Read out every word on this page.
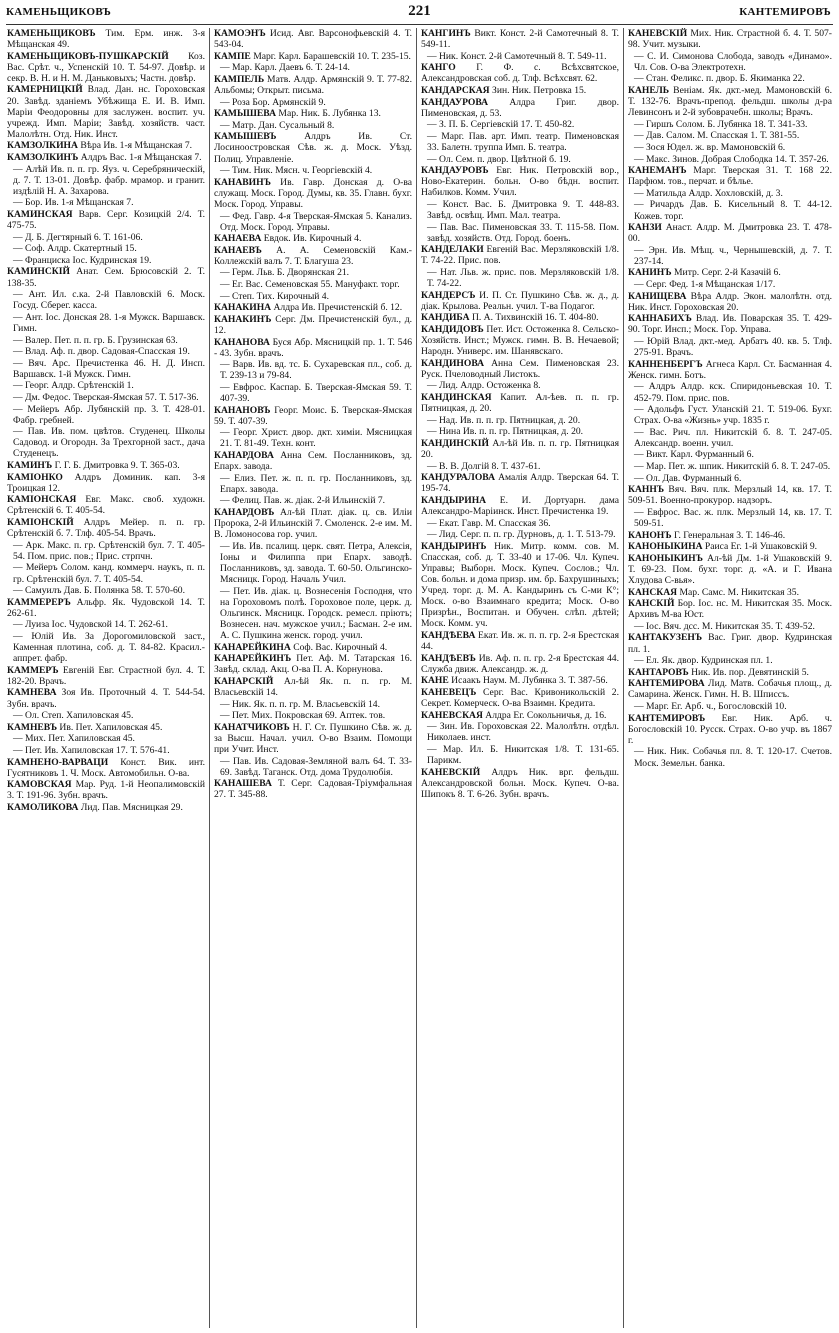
КАМЕНЬЩИКОВЪ	221	КАНТЕМИРОВЪ
КАМЕНЬЩИКОВЪ Тим. Ерм. инж. 3-я Мѣщанская 49.
КАМЕНЬЩИКОВЪ-ПУШКАРСКІЙ Коз. Вас. Срѣт. ч., Успенскій 10. Т. 54-97. Довѣр. и секр. В. Н. и Н. М. Даньковыхъ; Частн. довѣр.
КАМЕРНИЦКІЙ Влад. Дан. нс. Гороховская 20. Завѣд. зданіемъ Убѣжища Е. И. В. Имп. Маріи Феодоровны для заслужен. воспит. уч. учрежд. Имп. Маріи; Завѣд. хозяйств. част. Малолѣтн. Отд. Ник. Инст.
КАМЗОЛКИНА Вѣра Ив. 1-я Мѣщанская 7.
КАМЗОЛКИНЪ Алдръ Вас. 1-я Мѣщанская 7.
— Алѣй Ив. п. п. гр. Яуз. ч. Серебряническій, д. 7. Т. 13-01. Довѣр. фабр. мрамор. и гранит. издѣлій Н. А. Захарова.
— Бор. Ив. 1-я Мѣщанская 7.
КАМИНСКАЯ Варв. Серг. Козицкій 2/4. Т. 475-75.
— Д. Б. Дегтярный 6. Т. 161-06.
— Соф. Алдр. Скатертный 15.
— Франциска Іос. Кудринская 19.
КАМИНСКІЙ Анат. Сем. Брюсовскій 2. Т. 138-35.
— Ант. Ил. с.ка. 2-й Павловскій 6. Моск. Госуд. Сберег. касса.
— Ант. Іос. Донская 28. 1-я Мужск. Варшавск. Гимн.
— Валер. Пет. п. п. гр. Б. Грузинская 63.
— Влад. Аф. п. двор. Садовая-Спасская 19.
— Вяч. Арс. Пречистенка 46. Н. Д. Инсп. Варшавск. 1-й Мужск. Гимн.
— Георг. Алдр. Срѣтенскій 1.
— Дм. Федос. Тверская-Ямская 57. Т. 517-36.
— Мейеръ Абр. Лубянскій пр. 3. Т. 428-01. Фабр. гребней.
— Пав. Ив. пом. цвѣтов. Студенец. Школы Садовод. и Огородн. За Трехгорной заст., дача Студенецъ.
КАМИНЪ Г. Г. Б. Дмитровка 9. Т. 365-03.
КАМІОНКО Алдръ Доминик. кап. 3-я Троицкая 12.
КАМІОНСКАЯ Евг. Макс. своб. художн. Срѣтенскій 6. Т. 405-54.
КАМІОНСКІЙ Алдръ Мейер. п. п. гр. Срѣтенскій б. 7. Тлф. 405-54. Врачъ.
— Арк. Макс. п. гр. Срѣтенскій бул. 7. Т. 405-54. Пом. прис. пов.; Прис. стрпчн.
— Мейеръ Солом. канд. коммерч. наукъ, п. п. гр. Срѣтенскій бул. 7. Т. 405-54.
— Самуилъ Дав. Б. Полянка 58. Т. 570-60.
КАММЕРЕРЪ Альфр. Як. Чудовской 14. Т. 262-61.
— Луиза Іос. Чудовской 14. Т. 262-61.
— Юлій Ив. За Дорогомиловской заст., Каменная плотина, соб. д. Т. 84-82. Красил.-аппрет. фабр.
КАММЕРЪ Евгеній Евг. Страстной бул. 4. Т. 182-20. Врачъ.
КАМНЕВА Зоя Ив. Проточный 4. Т. 544-54. Зубн. врачъ.
— Ол. Степ. Хапиловская 45.
КАМНЕВЪ Ив. Пет. Хапиловская 45.
— Мих. Пет. Хапиловская 45.
— Пет. Ив. Хапиловская 17. Т. 576-41.
КАМНЕНО-ВАРВАЦИ Конст. Вик. инт. Гусятниковъ 1. Ч. Моск. Автомобильн. О-ва.
КАМОВСКАЯ Мар. Руд. 1-й Неопалимовскій 3. Т. 191-96. Зубн. врачъ.
КАМОЛИКОВА Лид. Пав. Мясницкая 29.
КАМОЭНЪ Исид. Авг. Варсонофьевскій 4. Т. 543-04.
КАМПЕ Марг. Карл. Барашевскій 10. Т. 235-15.
— Мар. Карл. Даевъ 6. Т. 24-14.
КАМПЕЛЬ Матв. Алдр. Армянскій 9. Т. 77-82. Альбомы; Открыт. письма.
— Роза Бор. Армянскій 9.
КАМЫШЕВА Мар. Ник. Б. Лубянка 13.
— Матр. Дан. Сусальный 8.
КАМЫШЕВЪ Алдръ Ив. Ст. Лосиноостровская Сѣв. ж. д. Моск. Уѣзд. Полиц. Управленіе.
— Тим. Ник. Мясн. ч. Георгіевскій 4.
КАНАВИНЪ Ив. Гавр. Донская д. О-ва служащ. Моск. Город. Думы, кв. 35. Главн. бухг. Моск. Город. Управы.
— Фед. Гавр. 4-я Тверская-Ямская 5. Канализ. Отд. Моск. Город. Управы.
КАНАЕВА Евдок. Ив. Кирочный 4.
КАНАЕВЪ А. А. Семеновскій Кам.-Коллежскій валъ 7. Т. Благуша 23.
— Герм. Льв. Б. Дворянская 21.
— Ег. Вас. Семеновская 55. Мануфакт. торг.
— Степ. Тих. Кирочный 4.
КАНАКИНА Алдра Ив. Пречистенскій б. 12.
КАНАКИНЪ Серг. Дм. Пречистенскій бул., д. 12.
КАНАНОВА Буся Абр. Мясницкій пр. 1. Т. 546 - 43. Зубн. врачъ.
— Варв. Ив. вд. тс. Б. Сухаревская пл., соб. д. Т. 239-13 и 79-84.
— Евфрос. Каспар. Б. Тверская-Ямская 59. Т. 407-39.
КАНАНОВЪ Георг. Моис. Б. Тверская-Ямская 59. Т. 407-39.
— Георг. Христ. двор. дкт. химіи. Мясницкая 21. Т. 81-49. Техн. конт.
КАНАРДОВА Анна Сем. Посланниковъ, зд. Епарх. завода.
— Елиз. Пет. ж. п. п. гр. Посланниковъ, зд. Епарх. завода.
— Фелиц. Пав. ж. діак. 2-й Ильинскій 7.
КАНАРДОВЪ Ал-ѣй Плат. діак. ц. св. Иліи Пророка, 2-й Ильинскій 7. Смоленск. 2-е им. М. В. Ломоносова гор. учил.
— Ив. Ив. псалищ. церк. свят. Петра, Алексія, Іоны и Филиппа при Епарх. заводѣ. Посланниковъ, зд. завода. Т. 60-50. Ольгинско-Мясницк. Город. Началь Учил.
— Пет. Ив. діак. ц. Вознесенія Господня, что на Гороховомъ полѣ. Гороховое поле, церк. д. Ольгинск. Мясницк. Городск. ремесл. пріютъ; Вознесен. нач. мужское учил.; Басман. 2-е им. А. С. Пушкина женск. город. учил.
КАНАРЕЙКИНА Соф. Вас. Кирочный 4.
КАНАРЕЙКИНЪ Пет. Аф. М. Татарская 16. Завѣд. склад. Акц. О-ва П. А. Корнунова.
КАНАРСКІЙ Ал-ѣй Як. п. п. гр. М. Власьевскій 14.
— Ник. Як. п. п. гр. М. Власьевскій 14.
— Пет. Мих. Покровская 69. Аптек. тов.
КАНАТЧИКОВЪ Н. Г. Ст. Пушкино Сѣв. ж. д. за Высш. Начал. учил. О-во Взаим. Помощи при Учит. Инст.
— Пав. Ив. Садовая-Земляной валъ 64. Т. 33-69. Завѣд. Таганск. Отд. дома Трудолюбія.
КАНАШЕВА Т. Серг. Садовая-Тріумфальная 27. Т. 345-88.
КАНГИНЪ Викт. Конст. 2-й Самотечный 8. Т. 549-11.
— Ник. Конст. 2-й Самотечный 8. Т. 549-11.
КАНГО Г. Ф. с. Всѣхсвятское, Александровская соб. д. Тлф. Всѣхсвят. 62.
КАНДАРСКАЯ Зин. Ник. Петровка 15.
КАНДАУРОВА Алдра Григ. двор. Пименовская, д. 53.
— З. П. Б. Сергіевскій 17. Т. 450-82.
— Марг. Пав. арт. Имп. театр. Пименовская 33. Балетн. труппа Имп. Б. театра.
— Ол. Сем. п. двор. Цвѣтной б. 19.
КАНДАУРОВЪ Евг. Ник. Петровскій вор., Ново-Екатерин. больн. О-во бѣдн. воспит. Набилков. Комм. Учил.
— Конст. Вас. Б. Дмитровка 9. Т. 448-83. Завѣд. освѣщ. Имп. Мал. театра.
— Пав. Вас. Пименовская 33. Т. 115-58. Пом. завѣд. хозяйств. Отд. Город. боенъ.
КАНДЕЛАКИ Евгеній Вас. Мерзляковскій 1/8. Т. 74-22. Прис. пов.
— Нат. Льв. ж. прис. пов. Мерзляковскій 1/8. Т. 74-22.
КАНДЕРСЪ И. П. Ст. Пушкино Сѣв. ж. д., д. діак. Крылова. Реальн. учил. Т-ва Подагог.
КАНДИБА П. А. Тихвинскій 16. Т. 404-80.
КАНДИДОВЪ Пет. Ист. Остоженка 8. Сельско-Хозяйств. Инст.; Мужск. гимн. В. В. Нечаевой; Народн. Универс. им. Шанявскаго.
КАНДИНОВА Анна Сем. Пименовская 23. Руск. Пчеловодный Листокъ.
— Лид. Алдр. Остоженка 8.
КАНДИНСКАЯ Капит. Ал-ѣев. п. п. гр. Пятницкая, д. 20.
— Над. Ив. п. п. гр. Пятницкая, д. 20.
— Нина Ив. п. п. гр. Пятницкая, д. 20.
КАНДИНСКІЙ Ал-ѣй Ив. п. п. гр. Пятницкая 20.
— В. В. Долгій 8. Т. 437-61.
КАНДУРАЛОВА Амалія Алдр. Тверская 64. Т. 195-74.
КАНДЫРИНА Е. И. Дортуарн. дама Александро-Маріинск. Инст. Пречистенка 19.
— Екат. Гавр. М. Спасская 36.
— Лид. Серг. п. п. гр. Дурновъ, д. 1. Т. 513-79.
КАНДЫРИНЪ Ник. Митр. комм. сов. М. Спасская, соб. д. Т. 33-40 и 17-06. Чл. Купеч. Управы; Выборн. Моск. Купеч. Сослов.; Чл. Сов. больн. и дома призр. им. бр. Бахрушиныхъ; Учред. торг. д. М. А. Кандыринъ съ С-ми К°; Моск. о-во Взаимнаго кредита; Моск. О-во Призрѣн., Воспитан. и Обучен. слѣп. дѣтей; Моск. Комм. уч.
КАНДѢЕВА Екат. Ив. ж. п. п. гр. 2-я Брестская 44.
КАНДѢЕВЪ Ив. Аф. п. п. гр. 2-я Брестская 44. Служба движ. Александр. ж. д.
КАНЕ Исаакъ Наум. М. Лубянка 3. Т. 387-56.
КАНЕВЕЦЪ Серг. Вас. Кривоникольскій 2. Секрет. Комерческ. О-ва Взаимн. Кредита.
КАНЕВСКАЯ Алдра Ег. Сокольничья, д. 16.
— Зин. Ив. Гороховская 22. Малолѣтн. отдѣл. Николаев. инст.
— Мар. Ил. Б. Никитская 1/8. Т. 131-65. Парикм.
КАНЕВСКІЙ Алдръ Ник. врг. фельдш. Александровской больн. Моск. Купеч. О-ва. Шипокъ 8. Т. 6-26. Зубн. врачъ.
КАНЕВСКІЙ Мих. Ник. Страстной б. 4. Т. 507-98. Учит. музыки.
— С. И. Симонова Слобода, заводъ «Динамо». Чл. Сов. О-ва Электротехн.
— Стан. Феликс. п. двор. Б. Якиманка 22.
КАНЕЛЬ Веніам. Як. дкт.-мед. Мамоновскій 6. Т. 132-76. Врачъ-препод. фельдш. школы д-ра Левинсонъ и 2-й зубоврачебн. школы; Врачъ.
— Гиршъ Солом. Б. Лубянка 18. Т. 341-33.
— Дав. Салом. М. Спасская 1. Т. 381-55.
— Зося Юдел. ж. вр. Мамоновскій 6.
— Макс. Зинов. Добрая Слободка 14. Т. 357-26.
КАНЕМАНЪ Марг. Тверская 31. Т. 168 22. Парфюм. тов., перчат. и бѣлье.
— Матильда Алдр. Хохловскій, д. 3.
— Ричардъ Дав. Б. Кисельный 8. Т. 44-12. Кожев. торг.
КАНЗИ Анаст. Алдр. М. Дмитровка 23. Т. 478-00.
— Эрн. Ив. Мѣщ. ч., Чернышевскій, д. 7. Т. 237-14.
КАНИНЪ Митр. Серг. 2-й Казачій 6.
— Серг. Фед. 1-я Мѣщанская 1/17.
КАНИЩЕВА Вѣра Алдр. Экон. малолѣтн. отд. Ник. Инст. Гороховская 20.
КАННАБИХЪ Влад. Ив. Поварская 35. Т. 429-90. Торг. Инсп.; Моск. Гор. Управа.
— Юрій Влад. дкт.-мед. Арбатъ 40. кв. 5. Тлф. 275-91. Врачъ.
КАННЕНБЕРГЪ Агнеса Карл. Ст. Басманная 4. Женск. гимн. Ботъ.
— Алдръ Алдр. кск. Спиридоньевская 10. Т. 452-79. Пом. прис. пов.
— Адольфъ Густ. Уланскій 21. Т. 519-06. Бухг. Страх. О-ва «Жизнь» учр. 1835 г.
— Вас. Рич. пл. Никитскій б. 8. Т. 247-05. Александр. военн. учил.
— Викт. Карл. Фурманный 6.
— Мар. Пет. ж. шпик. Никитскій б. 8. Т. 247-05.
— Ол. Дав. Фурманный 6.
КАННЪ Вяч. Вяч. плк. Мерзлый 14, кв. 17. Т. 509-51. Военно-прокурор. надзоръ.
— Евфрос. Вас. ж. плк. Мерзлый 14, кв. 17. Т. 509-51.
КАНОНЪ Г. Генеральная 3. Т. 146-46.
КАНОНЫКИНА Раиса Ег. 1-й Ушаковскій 9.
КАНОНЫКИНЪ Ал-ѣй Дм. 1-й Ушаковскій 9. Т. 69-23. Пом. бухг. торг. д. «А. и Г. Ивана Хлудова С-вья».
КАНСКАЯ Мар. Самс. М. Никитская 35.
КАНСКІЙ Бор. Іос. нс. М. Никитская 35. Моск. Архивъ М-ва Юст.
— Іос. Вяч. дсс. М. Никитская 35. Т. 439-52.
КАНТАКУЗЕНЪ Вас. Григ. двор. Кудринская пл. 1.
— Ел. Як. двор. Кудринская пл. 1.
КАНТАРОВЪ Ник. Ив. пор. Девятинскій 5.
КАНТЕМИРОВА Лид. Матв. Собачья площ., д. Самарина. Женск. Гимн. Н. В. Шписсъ.
— Марг. Ег. Арб. ч., Богословскій 10.
КАНТЕМИРОВЪ Евг. Ник. Арб. ч. Богословскій 10. Русск. Страх. О-во учр. въ 1867 г.
— Ник. Ник. Собачья пл. 8. Т. 120-17. Счетов. Моск. Земельн. банка.
